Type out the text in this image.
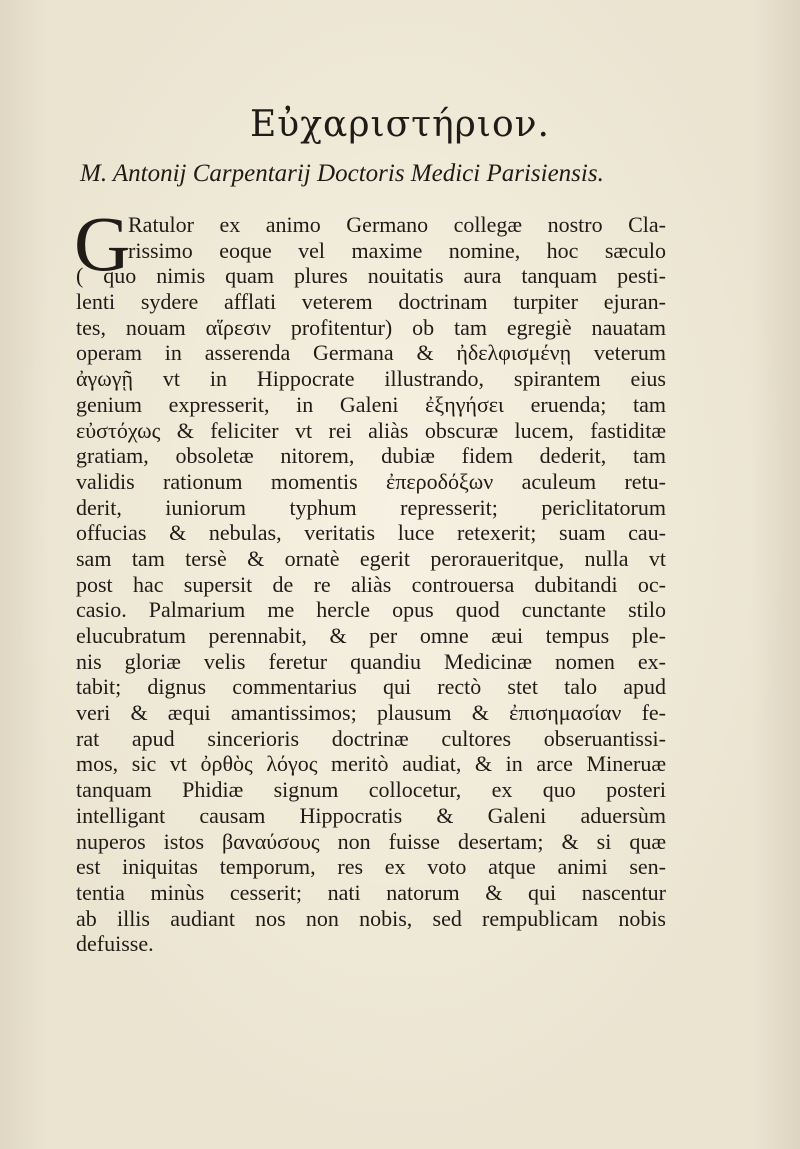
Εὐχαριστήριον.
M. Antonij Carpentarij Doctoris Medici Parisiensis.
G
Ratulor ex animo Germano collegæ nostro Cla-
rissimo eoque vel maxime nomine, hoc sæculo
( quo nimis quam plures nouitatis aura tanquam pesti-
lenti sydere afflati veterem doctrinam turpiter ejuran-
tes, nouam αἵρεσιν profitentur) ob tam egregiè nauatam
operam in asserenda Germana & ἠδελφισμένῃ veterum
ἀγωγῇ vt in Hippocrate illustrando, spirantem eius
genium expresserit, in Galeni ἐξηγήσει eruenda; tam
εὐστόχως & feliciter vt rei aliàs obscuræ lucem, fastiditæ
gratiam, obsoletæ nitorem, dubiæ fidem dederit, tam
validis rationum momentis ἐπεροδόξων aculeum retu-
derit, iuniorum typhum represserit; periclitatorum
offucias & nebulas, veritatis luce retexerit; suam cau-
sam tam tersè & ornatè egerit peroraueritque, nulla vt
post hac supersit de re aliàs controuersa dubitandi oc-
casio. Palmarium me hercle opus quod cunctante stilo
elucubratum perennabit, & per omne æui tempus ple-
nis gloriæ velis feretur quandiu Medicinæ nomen ex-
tabit; dignus commentarius qui rectò stet talo apud
veri & æqui amantissimos; plausum & ἐπισημασίαν fe-
rat apud sincerioris doctrinæ cultores obseruantissi-
mos, sic vt ὀρθὸς λόγος meritò audiat, & in arce Mineruæ
tanquam Phidiæ signum collocetur, ex quo posteri
intelligant causam Hippocratis & Galeni aduersùm
nuperos istos βαναύσους non fuisse desertam; & si quæ
est iniquitas temporum, res ex voto atque animi sen-
tentia minùs cesserit; nati natorum & qui nascentur
ab illis audiant nos non nobis, sed rempublicam nobis
defuisse.
